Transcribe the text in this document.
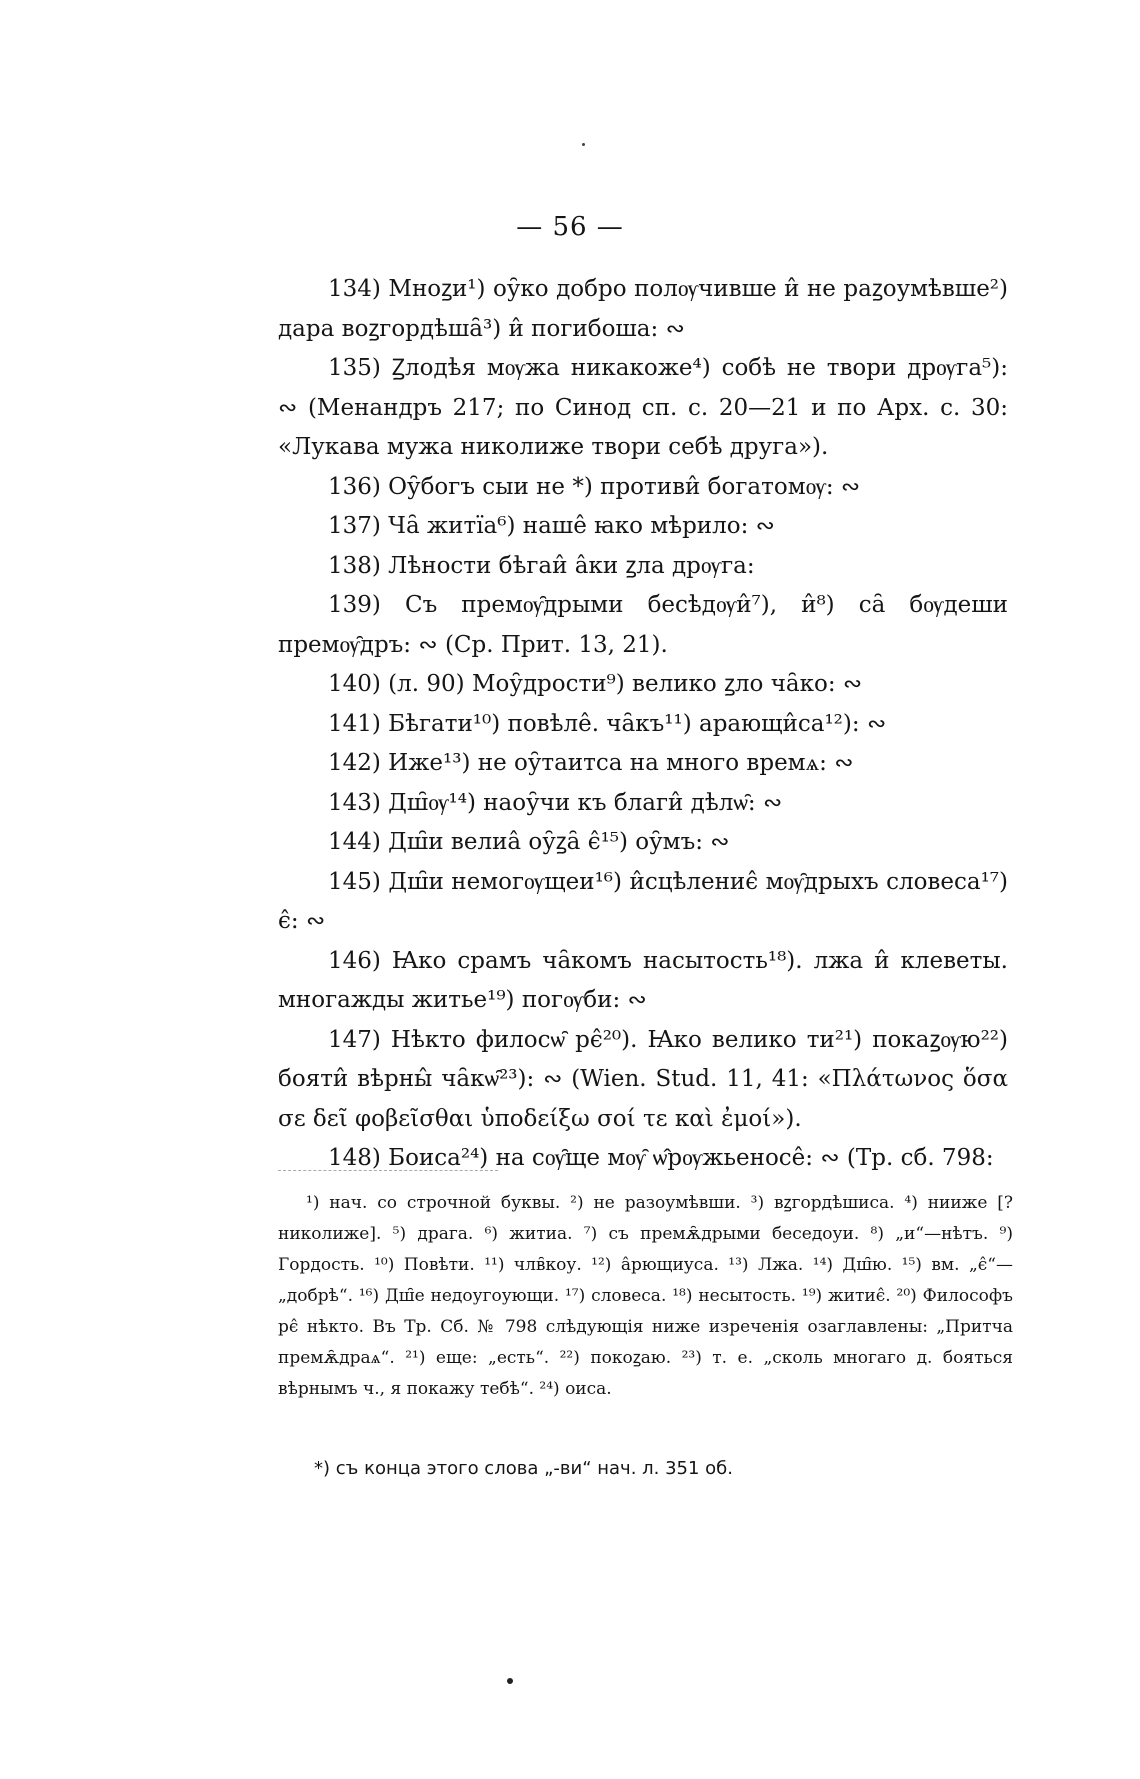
— 56 —

134) Мноꙁи¹) оу̑ко добро полѹчивше и̂ не раꙁоумѣвше²) дара воꙁгордѣша̑³) и̂ погибоша: ∾

135) Ꙁлодѣя мѹжа никакоже⁴) собѣ не твори дрѹга⁵): ∾ (Менандръ 217; по Синод сп. с. 20—21 и по Арх. с. 30: «Лукава мужа николиже твори себѣ друга»).

136) Оу̑богъ сыи не *) противи̂ богатомѹ: ∾

137) Ча̑ житїа⁶) наше̂ ꙗко мѣрило: ∾

138) Лѣности бѣгаи̂ а̂ки ꙁла дрѹга:

139) Съ премѹ̑дрыми бесѣдѹи̂⁷), и̂⁸) са̑ бѹдеши премѹ̑дръ: ∾ (Ср. Прит. 13, 21).

140) (л. 90) Моу̑дрости⁹) велико ꙁло ча̑ко: ∾

141) Бѣгати¹⁰) повѣле̂. ча̑къ¹¹) арающи̂са¹²): ∾

142) Иже¹³) не оу̑таитса на много времѧ: ∾

143) Дш̑ѹ¹⁴) наоу̑чи къ благи̂ дѣлѡ̑: ∾

144) Дш̑и велиа̂ оу̑ꙁа̑ є̂¹⁵) оу̑мъ: ∾

145) Дш̑и немогѹщеи¹⁶) и̂сцѣлениє̂ мѹ̑дрыхъ словеса¹⁷) є̂: ∾

146) Ꙗко срамъ ча̑комъ насытость¹⁸). лжа и̂ клеветы. многажды житье¹⁹) погѹби: ∾

147) Нѣкто филосѡ̑ рє̂²⁰). Ꙗко велико ти²¹) покаꙁѹю²²) бояти̂ вѣрны̂ ча̑кѡ̑²³): ∾ (Wien. Stud. 11, 41: «Πλάτωνος ὅσα σε δεῖ φοβεῖσθαι ὑποδείξω σοί τε καὶ ἐμοί»).

148) Боиса²⁴) на сѹ̑ще мѹ̑ ѡ̂рѹжьеносе̂: ∾ (Тр. сб. 798:

¹) нач. со строчной буквы. ²) не разоумѣвши. ³) вꙁгордѣшиса. ⁴) нииже [? николиже]. ⁵) драга. ⁶) житиа. ⁷) съ премѫ̑дрыми беседоуи. ⁸) „и“—нѣтъ. ⁹) Гордость. ¹⁰) Повѣти. ¹¹) члв̑коу. ¹²) а̂рющиуса. ¹³) Лжа. ¹⁴) Дш̑ю. ¹⁵) вм. „є̂“—„добрѣ“. ¹⁶) Дш̑е недоугоующи. ¹⁷) словеса. ¹⁸) несытость. ¹⁹) житиє̂. ²⁰) Философъ рє̂ нѣкто. Въ Тр. Сб. № 798 слѣдующія ниже изреченія озаглавлены: „Притча премѫ̑драѧ“. ²¹) еще: „есть“. ²²) покоꙁаю. ²³) т. е. „сколь многаго д. бояться вѣрнымъ ч., я покажу тебѣ“. ²⁴) оиса.

*) съ конца этого слова „-ви“ нач. л. 351 об.
